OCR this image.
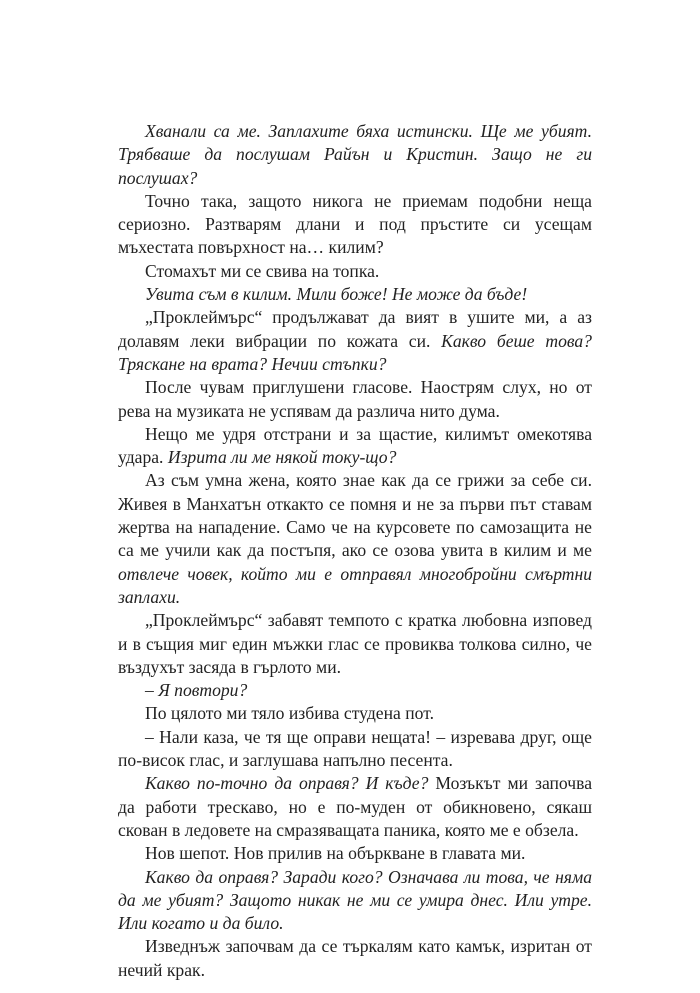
Хванали са ме. Заплахите бяха истински. Ще ме убият. Трябваше да послушам Райън и Кристин. Защо не ги послушах?

Точно така, защото никога не приемам подобни неща сериозно. Разтварям длани и под пръстите си усещам мъхестата повърхност на… килим?

Стомахът ми се свива на топка.

Увита съм в килим. Мили боже! Не може да бъде!

„Проклеймърс“ продължават да вият в ушите ми, а аз долавям леки вибрации по кожата си. Какво беше това? Тряскане на врата? Нечии стъпки?

После чувам приглушени гласове. Наострям слух, но от рева на музиката не успявам да различа нито дума.

Нещо ме удря отстрани и за щастие, килимът омекотява удара. Изрита ли ме някой току-що?

Аз съм умна жена, която знае как да се грижи за себе си. Живея в Манхатън откакто се помня и не за първи път ставам жертва на нападение. Само че на курсовете по самозащита не са ме учили как да постъпя, ако се озова увита в килим и ме отвлече човек, който ми е отправял многобройни смъртни заплахи.

„Проклеймърс“ забавят темпото с кратка любовна изповед и в същия миг един мъжки глас се провиква толкова силно, че въздухът засяда в гърлото ми.

– Я повтори?

По цялото ми тяло избива студена пот.

– Нали каза, че тя ще оправи нещата! – изревава друг, още по-висок глас, и заглушава напълно песента.

Какво по-точно да оправя? И къде? Мозъкът ми започва да работи трескаво, но е по-муден от обикновено, сякаш скован в ледовете на смразяващата паника, която ме е обзела.

Нов шепот. Нов прилив на объркване в главата ми.

Какво да оправя? Заради кого? Означава ли това, че няма да ме убият? Защото никак не ми се умира днес. Или утре. Или когато и да било.

Изведнъж започвам да се търкалям като камък, изритан от нечий крак.
